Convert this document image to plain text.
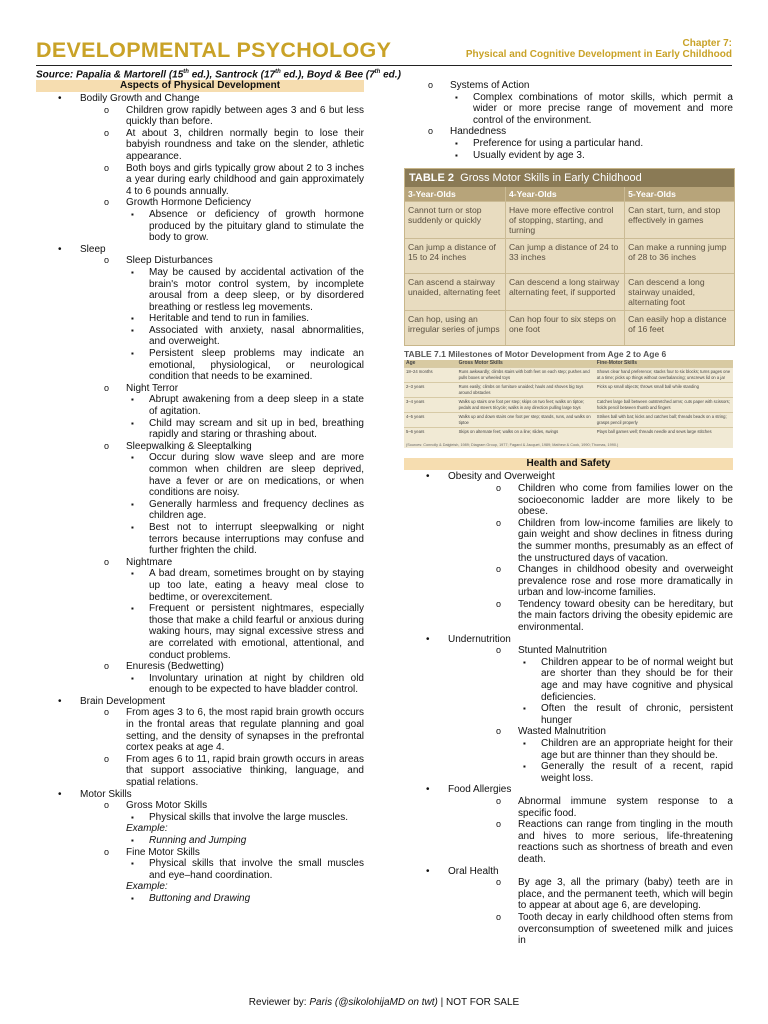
DEVELOPMENTAL PSYCHOLOGY	Chapter 7:
Physical and Cognitive Development in Early Childhood
Source: Papalia & Martorell (15th ed.), Santrock (17th ed.), Boyd & Bee (7th ed.)
Aspects of Physical Development
• Bodily Growth and Change
o Children grow rapidly between ages 3 and 6 but less quickly than before.
o At about 3, children normally begin to lose their babyish roundness and take on the slender, athletic appearance.
o Both boys and girls typically grow about 2 to 3 inches a year during early childhood and gain approximately 4 to 6 pounds annually.
o Growth Hormone Deficiency
▪ Absence or deficiency of growth hormone produced by the pituitary gland to stimulate the body to grow.
• Sleep
o Sleep Disturbances
▪ May be caused by accidental activation of the brain's motor control system, by incomplete arousal from a deep sleep, or by disordered breathing or restless leg movements.
▪ Heritable and tend to run in families.
▪ Associated with anxiety, nasal abnormalities, and overweight.
▪ Persistent sleep problems may indicate an emotional, physiological, or neurological condition that needs to be examined.
o Night Terror
▪ Abrupt awakening from a deep sleep in a state of agitation.
▪ Child may scream and sit up in bed, breathing rapidly and staring or thrashing about.
o Sleepwalking & Sleeptalking
▪ Occur during slow wave sleep and are more common when children are sleep deprived, have a fever or are on medications, or when conditions are noisy.
▪ Generally harmless and frequency declines as children age.
▪ Best not to interrupt sleepwalking or night terrors because interruptions may confuse and further frighten the child.
o Nightmare
▪ A bad dream, sometimes brought on by staying up too late, eating a heavy meal close to bedtime, or overexcitement.
▪ Frequent or persistent nightmares, especially those that make a child fearful or anxious during waking hours, may signal excessive stress and are correlated with emotional, attentional, and conduct problems.
o Enuresis (Bedwetting)
▪ Involuntary urination at night by children old enough to be expected to have bladder control.
• Brain Development
o From ages 3 to 6, the most rapid brain growth occurs in the frontal areas that regulate planning and goal setting, and the density of synapses in the prefrontal cortex peaks at age 4.
o From ages 6 to 11, rapid brain growth occurs in areas that support associative thinking, language, and spatial relations.
• Motor Skills
o Gross Motor Skills
▪ Physical skills that involve the large muscles.
Example:
▪ Running and Jumping
o Fine Motor Skills
▪ Physical skills that involve the small muscles and eye–hand coordination.
Example:
▪ Buttoning and Drawing
o Systems of Action
▪ Complex combinations of motor skills, which permit a wider or more precise range of movement and more control of the environment.
o Handedness
▪ Preference for using a particular hand.
▪ Usually evident by age 3.
TABLE 2 Gross Motor Skills in Early Childhood
3-Year-Olds	4-Year-Olds	5-Year-Olds
Cannot turn or stop suddenly or quickly	Have more effective control of stopping, starting, and turning	Can start, turn, and stop effectively in games
Can jump a distance of 15 to 24 inches	Can jump a distance of 24 to 33 inches	Can make a running jump of 28 to 36 inches
Can ascend a stairway unaided, alternating feet	Can descend a long stairway alternating feet, if supported	Can descend a long stairway unaided, alternating foot
Can hop, using an irregular series of jumps	Can hop four to six steps on one foot	Can easily hop a distance of 16 feet
TABLE 7.1 Milestones of Motor Development from Age 2 to Age 6
Age	Gross Motor Skills	Fine-Motor Skills
18–24 months	Runs awkwardly; climbs stairs with both feet on each step; pushes and pulls boxes or wheeled toys	Shows clear hand preference; stacks four to six blocks; turns pages one at a time; picks up things without overbalancing; unscrews lid on a jar
2–3 years	Runs easily; climbs on furniture unaided; hauls and shoves big toys around obstacles	Picks up small objects; throws small ball while standing
3–4 years	Walks up stairs one foot per step; skips on two feet; walks on tiptoe; pedals and steers tricycle; walks in any direction pulling large toys	Catches large ball between outstretched arms; cuts paper with scissors; holds pencil between thumb and fingers
4–5 years	Walks up and down stairs one foot per step; stands, runs, and walks on tiptoe	Strikes ball with bat; kicks and catches ball; threads beads on a string; grasps pencil properly
5–6 years	Skips on alternate feet; walks on a line; slides, swings	Plays ball games well; threads needle and sews large stitches
(Sources: Connolly & Dalgleish, 1989; Diagram Group, 1977; Fagard & Jacquet, 1989; Mathew & Cook, 1990; Thomas, 1990.)
Health and Safety
• Obesity and Overweight
o Children who come from families lower on the socioeconomic ladder are more likely to be obese.
o Children from low-income families are likely to gain weight and show declines in fitness during the summer months, presumably as an effect of the unstructured days of vacation.
o Changes in childhood obesity and overweight prevalence rose and rose more dramatically in urban and low-income families.
o Tendency toward obesity can be hereditary, but the main factors driving the obesity epidemic are environmental.
• Undernutrition
o Stunted Malnutrition
▪ Children appear to be of normal weight but are shorter than they should be for their age and may have cognitive and physical deficiencies.
▪ Often the result of chronic, persistent hunger
o Wasted Malnutrition
▪ Children are an appropriate height for their age but are thinner than they should be.
▪ Generally the result of a recent, rapid weight loss.
• Food Allergies
o Abnormal immune system response to a specific food.
o Reactions can range from tingling in the mouth and hives to more serious, life-threatening reactions such as shortness of breath and even death.
• Oral Health
o By age 3, all the primary (baby) teeth are in place, and the permanent teeth, which will begin to appear at about age 6, are developing.
o Tooth decay in early childhood often stems from overconsumption of sweetened milk and juices in
Reviewer by: Paris (@sikolohijaMD on twt) | NOT FOR SALE
